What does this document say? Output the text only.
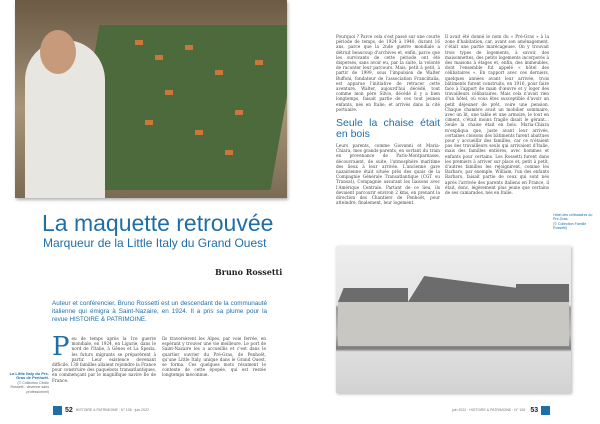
La maquette retrouvée
Marqueur de la Little Italy du Grand Ouest
Bruno Rossetti
Auteur et conférencier, Bruno Rossetti est un descendant de la communauté italienne qui émigra à Saint-Nazaire, en 1924. Il a pris sa plume pour la revue HISTOIRE & PATRIMOINE.
Peu de temps après la 1re guerre mondiale, en 1924, en Ligurie, dans le nord de l'Italie, à Gênes et La Spezia, les futurs migrants se préparèrent à partir. Leur existence devenant difficile, 138 familles allaient rejoindre la France pour construire des paquebots transatlantiques, en commençant par le magnifique navire Ile de France.
Ils traversèrent les Alpes, par voie ferrée, en espérant y trouver une vie meilleure. Le port de Saint-Nazaire les a accueillis et c'est dans le quartier ouvrier du Pré-Gras, de Penhoët, qu'une Little Italy, unique dans le Grand Ouest, se forma. Ces quelques mots résument le contexte de cette épopée, qui est restée longtemps méconnue.
La Little Italy du Pré-Gras de Penhoët.
(© Collection Cécile Rossetti - devenue sans professionnel)
52 HISTOIRE & PATRIMOINE · N° 106 · juin 2022
Pourquoi ? Parce cela s'est passé sur une courte période de temps, de 1924 à 1940, durant 16 ans, parce que la 2nde guerre mondiale a détruit beaucoup d'archives et, enfin, parce que les survivants de cette période ont été dispersés, sans avoir eu, par la suite, la volonté de raconter leur parcours. Mais, petit à petit, à partir de 1999, sous l'impulsion de Walter Buffoni, fondateur de l'association Franciitalia, est apparue l'initiative de retracer cette aventure. Walter, aujourd'hui décédé, tout comme mon père Silvio, décédé il y a bien longtemps, faisait partie de ces tout jeunes enfants, nés en Italie, et arrivés dans la cité portuaire.
Seule la chaise était en bois
Leurs parents, comme Giovanni et Maria-Chiara, mes grands-parents, en sortant du train en provenance de Paris-Montparnasse, découvraient, de suite, l'atmosphère maritime des lieux à leur arrivée. L'ancienne gare nazairienne était située près des quais de la Compagnie Générale Transatlantique (CGT ou Transat), Compagnie assurant les liaisons avec l'Amérique Centrale. Partant de ce lieu, ils devaient parcourir environ 2 kms, en prenant la direction des Chantiers de Penhoët, pour atteindre, finalement, leur logement.
Il avait été donné le nom du « Pré-Gras » à la zone d'habitation, car, avant son aménagement, c'était une partie marécageuse. On y trouvait trois types de logements, à savoir, des maisonnettes, des petits logements incorporés à des maisons à étages et, enfin, des immeubles, dont l'ensemble fut appelé « hôtel des célibataires ». En rapport avec ces derniers, quelques années avant leur arrivée, trois bâtiments furent construits, en 1916, pour faire face à l'apport de main d'œuvre et y loger des travailleurs célibataires. Mais cela n'avait rien d'un hôtel, où vous êtes susceptible d'avoir un petit déjeuner de prêt, voire une pension. Chaque chambre avait un mobilier sommaire, avec un lit, une table et une armoire, le tout en ciment, c'était moins fragile disait le gérant… Seule la chaise était en bois. Maria-Chiara m'expliqua que, juste avant leur arrivée, certaines cloisons des bâtiments furent abattues pour y accueillir des familles, car ce n'étaient pas des travailleurs seuls qui arrivaient d'Italie, mais des familles entières, avec hommes et enfants pour certains. Les Rossetti furent dans les premiers à arriver sur place et, petit à petit, d'autres familles les rejoignirent, comme les Barbaro, par exemple. William, l'un des enfants Barbaro, faisait partie de ceux qui sont nés après l'arrivée des parents italiens en France, il était, donc, légèrement plus jeune que certains de ses camarades, nés en Italie.
Hôtel des célibataires du Pré-Gras
(© Collection Famille Rossetti)
juin 2022 · HISTOIRE & PATRIMOINE · N° 106 · 53
